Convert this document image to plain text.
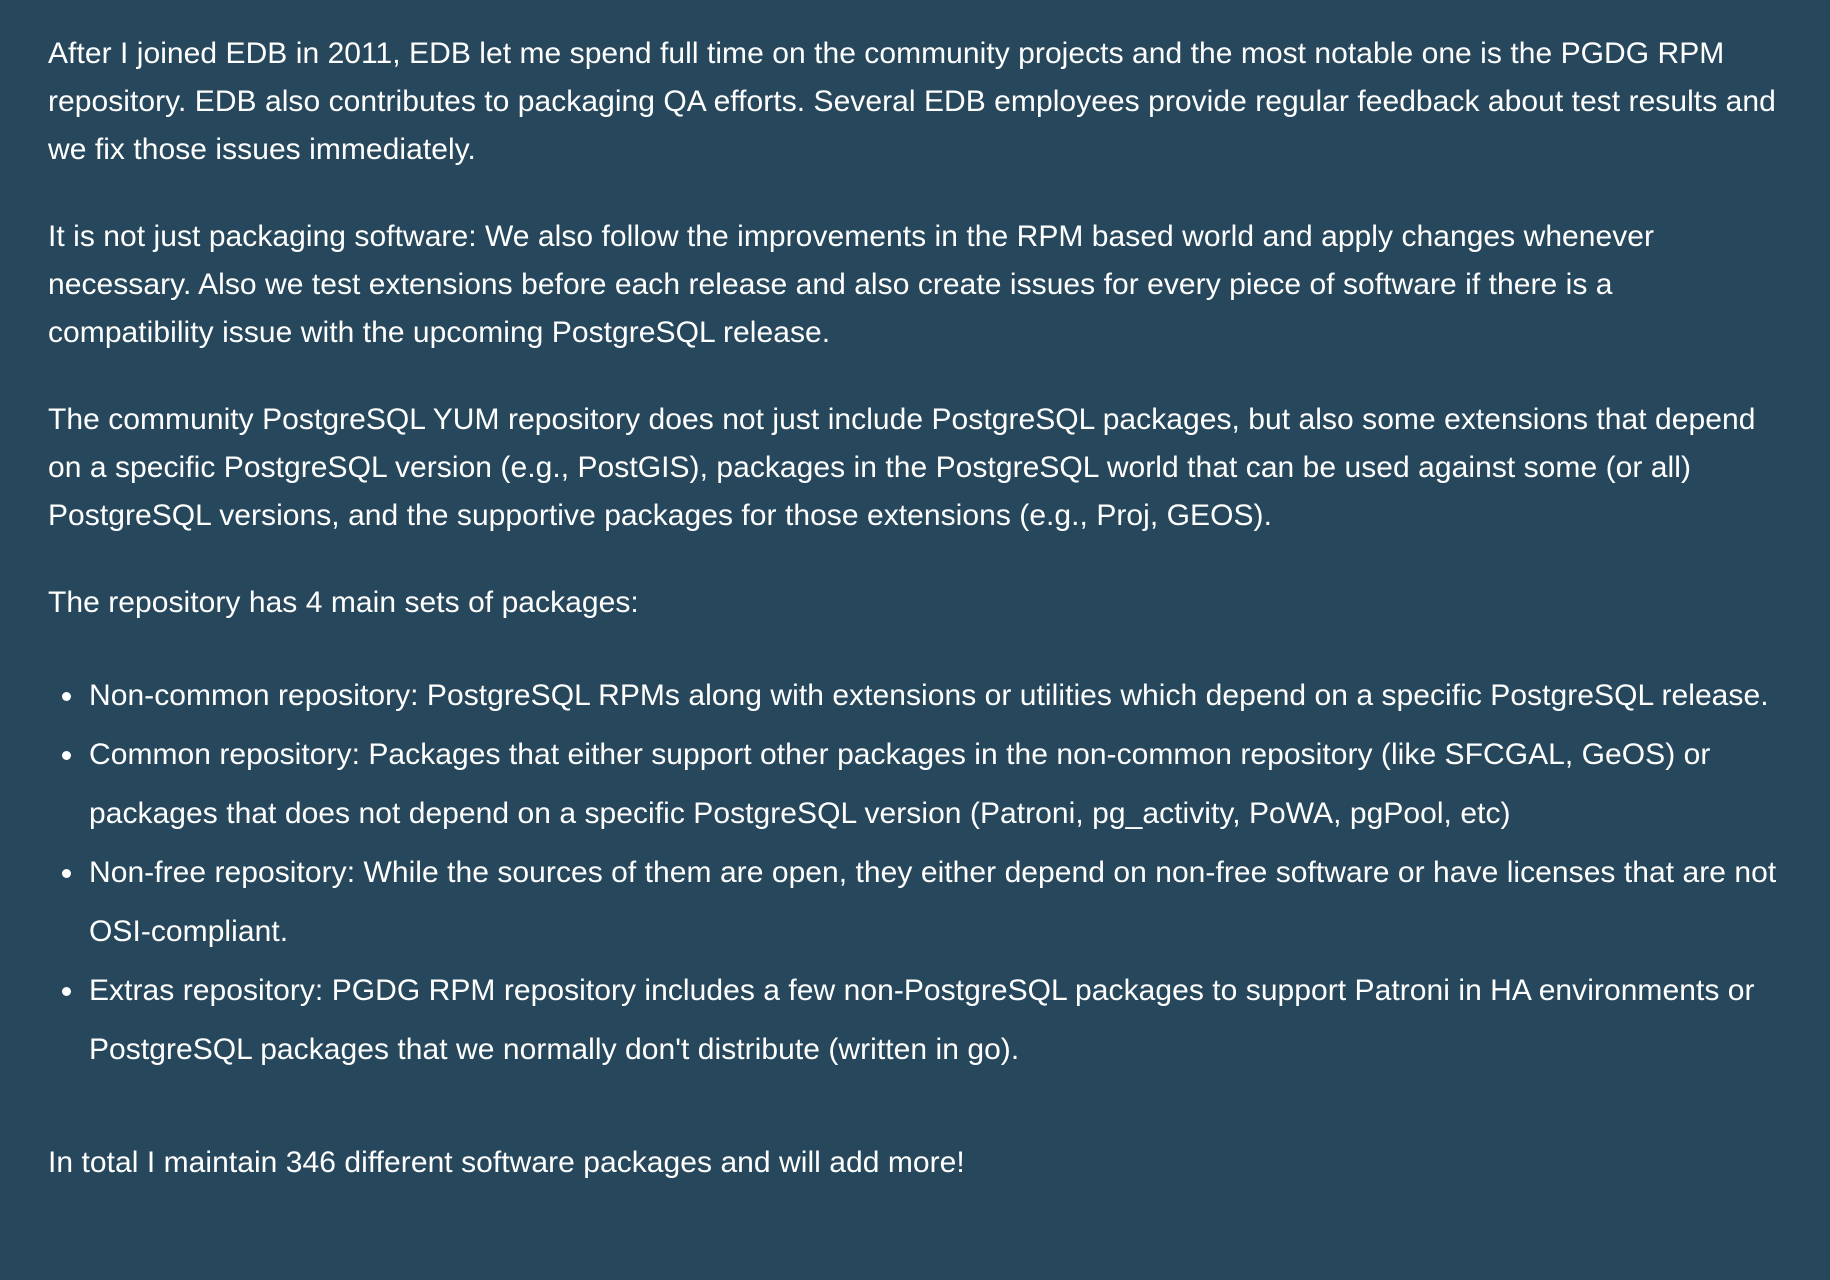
After I joined EDB in 2011, EDB let me spend full time on the community projects and the most notable one is the PGDG RPM repository. EDB also contributes to packaging QA efforts. Several EDB employees provide regular feedback about test results and we fix those issues immediately.

It is not just packaging software: We also follow the improvements in the RPM based world and apply changes whenever necessary. Also we test extensions before each release and also create issues for every piece of software if there is a compatibility issue with the upcoming PostgreSQL release.

The community PostgreSQL YUM repository does not just include PostgreSQL packages, but also some extensions that depend on a specific PostgreSQL version (e.g., PostGIS), packages in the PostgreSQL world that can be used against some (or all) PostgreSQL versions, and the supportive packages for those extensions (e.g., Proj, GEOS).

The repository has 4 main sets of packages:

Non-common repository: PostgreSQL RPMs along with extensions or utilities which depend on a specific PostgreSQL release.
Common repository: Packages that either support other packages in the non-common repository (like SFCGAL, GeOS) or packages that does not depend on a specific PostgreSQL version (Patroni, pg_activity, PoWA, pgPool, etc)
Non-free repository: While the sources of them are open, they either depend on non-free software or have licenses that are not OSI-compliant.
Extras repository: PGDG RPM repository includes a few non-PostgreSQL packages to support Patroni in HA environments or PostgreSQL packages that we normally don't distribute (written in go).

In total I maintain 346 different software packages and will add more!
